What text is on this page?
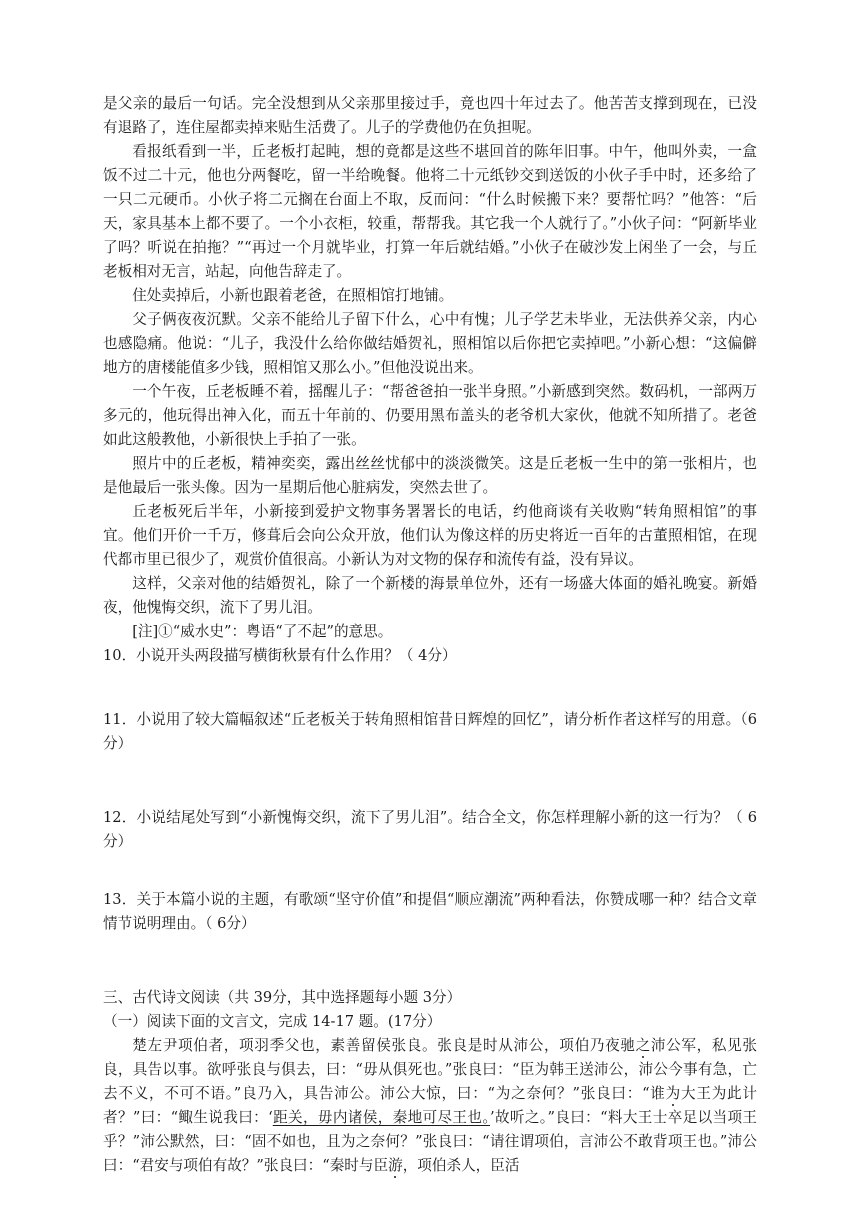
是父亲的最后一句话。完全没想到从父亲那里接过手，竟也四十年过去了。他苦苦支撑到现在，已没有退路了，连住屋都卖掉来贴生活费了。儿子的学费他仍在负担呢。

看报纸看到一半，丘老板打起盹，想的竟都是这些不堪回首的陈年旧事。中午，他叫外卖，一盒饭不过二十元，他也分两餐吃，留一半给晚餐。他将二十元纸钞交到送饭的小伙子手中时，还多给了一只二元硬币。小伙子将二元搁在台面上不取，反而问：“什么时候搬下来？要帮忙吗？”他答：“后天，家具基本上都不要了。一个小衣柜，较重，帮帮我。其它我一个人就行了。”小伙子问：“阿新毕业了吗？听说在拍拖？”“再过一个月就毕业，打算一年后就结婚。”小伙子在破沙发上闲坐了一会，与丘老板相对无言，站起，向他告辞走了。

住处卖掉后，小新也跟着老爸，在照相馆打地铺。

父子俩夜夜沉默。父亲不能给儿子留下什么，心中有愧；儿子学艺未毕业，无法供养父亲，内心也感隐痛。他说：“儿子，我没什么给你做结婚贺礼，照相馆以后你把它卖掉吧。”小新心想：“这偏僻地方的唐楼能值多少钱，照相馆又那么小。”但他没说出来。

一个午夜，丘老板睡不着，摇醒儿子：“帮爸爸拍一张半身照。”小新感到突然。数码机，一部两万多元的，他玩得出神入化，而五十年前的、仍要用黑布盖头的老爷机大家伙，他就不知所措了。老爸如此这般教他，小新很快上手拍了一张。

照片中的丘老板，精神奕奕，露出丝丝忧郁中的淡淡微笑。这是丘老板一生中的第一张相片，也是他最后一张头像。因为一星期后他心脏病发，突然去世了。

丘老板死后半年，小新接到爱护文物事务署署长的电话，约他商谈有关收购“转角照相馆”的事宜。他们开价一千万，修葺后会向公众开放，他们认为像这样的历史将近一百年的古董照相馆，在现代都市里已很少了，观赏价值很高。小新认为对文物的保存和流传有益，没有异议。

这样，父亲对他的结婚贺礼，除了一个新楼的海景单位外，还有一场盛大体面的婚礼晚宴。新婚夜，他愧悔交织，流下了男儿泪。

[注]①“威水史”：粤语“了不起”的意思。

10．小说开头两段描写横街秋景有什么作用？（ 4分）

11．小说用了较大篇幅叙述“丘老板关于转角照相馆昔日辉煌的回忆”，请分析作者这样写的用意。（6分）

12．小说结尾处写到“小新愧悔交织，流下了男儿泪”。结合全文，你怎样理解小新的这一行为？（ 6分）

13．关于本篇小说的主题，有歌颂“坚守价值”和提倡“顺应潮流”两种看法，你赞成哪一种？结合文章情节说明理由。（ 6分）

三、古代诗文阅读（共 39分，其中选择题每小题 3分）

（一）阅读下面的文言文，完成 14-17 题。(17分）

楚左尹项伯者，项羽季父也，素善留侯张良。张良是时从沛公，项伯乃夜驰之沛公军，私见张良，具告以事。欲呼张良与俱去，曰：“毋从俱死也。”张良曰：“臣为韩王送沛公，沛公今事有急，亡去不义，不可不语。”良乃入，具告沛公。沛公大惊，曰：“为之奈何？”张良曰：“谁为大王为此计者？”曰：“鲰生说我曰：‘距关，毋内诸侯，秦地可尽王也。’故听之。”良曰：“料大王士卒足以当项王乎？”沛公默然，曰：“固不如也，且为之奈何？”张良曰：“请往谓项伯，言沛公不敢背项王也。”沛公曰：“君安与项伯有故？”张良曰：“秦时与臣游，项伯杀人，臣活
